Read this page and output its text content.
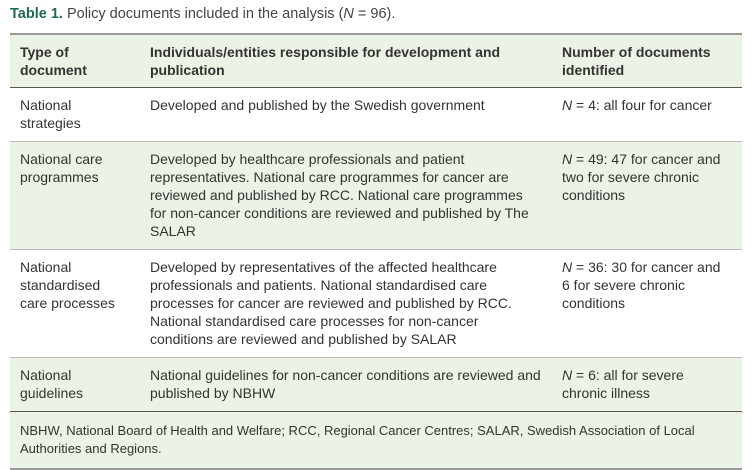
Table 1. Policy documents included in the analysis (N = 96).
Type of document	Individuals/entities responsible for development and publication	Number of documents identified
National strategies	Developed and published by the Swedish government	N = 4: all four for cancer
National care programmes	Developed by healthcare professionals and patient representatives. National care programmes for cancer are reviewed and published by RCC. National care programmes for non-cancer conditions are reviewed and published by The SALAR	N = 49: 47 for cancer and two for severe chronic conditions
National standardised care processes	Developed by representatives of the affected healthcare professionals and patients. National standardised care processes for cancer are reviewed and published by RCC. National standardised care processes for non-cancer conditions are reviewed and published by SALAR	N = 36: 30 for cancer and 6 for severe chronic conditions
National guidelines	National guidelines for non-cancer conditions are reviewed and published by NBHW	N = 6: all for severe chronic illness
NBHW, National Board of Health and Welfare; RCC, Regional Cancer Centres; SALAR, Swedish Association of Local Authorities and Regions.		
